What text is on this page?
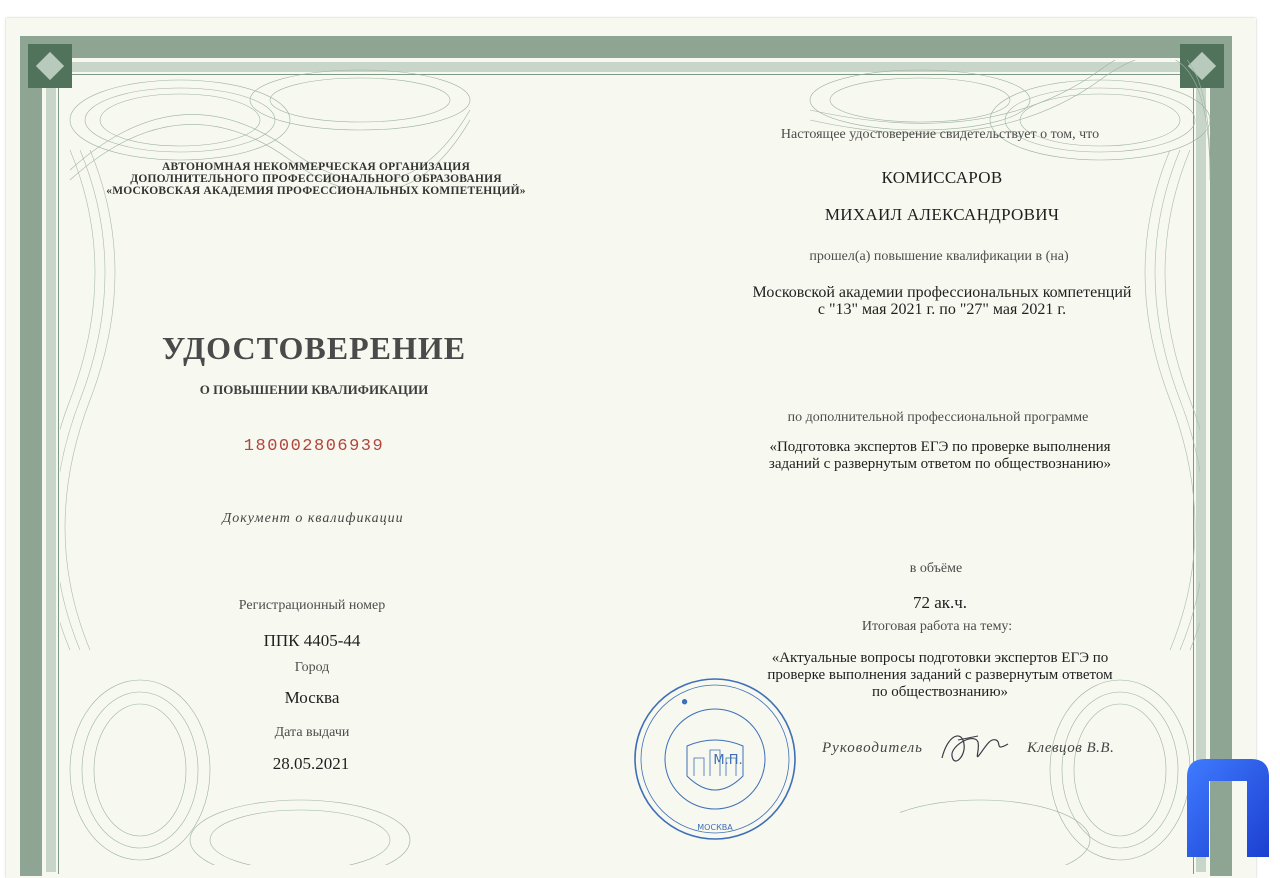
АВТОНОМНАЯ НЕКОММЕРЧЕСКАЯ ОРГАНИЗАЦИЯ
ДОПОЛНИТЕЛЬНОГО ПРОФЕССИОНАЛЬНОГО ОБРАЗОВАНИЯ
«МОСКОВСКАЯ АКАДЕМИЯ ПРОФЕССИОНАЛЬНЫХ КОМПЕТЕНЦИЙ»
УДОСТОВЕРЕНИЕ
О ПОВЫШЕНИИ КВАЛИФИКАЦИИ
180002806939
Документ о квалификации
Регистрационный номер
ППК 4405-44
Город
Москва
Дата выдачи
28.05.2021
Настоящее удостоверение свидетельствует о том, что
КОМИССАРОВ
МИХАИЛ АЛЕКСАНДРОВИЧ
прошел(а) повышение квалификации в (на)
Московской академии профессиональных компетенций
с "13" мая 2021 г. по "27" мая 2021 г.
по дополнительной профессиональной программе
«Подготовка экспертов ЕГЭ по проверке выполнения
заданий с развернутым ответом по обществознанию»
в объёме
72 ак.ч.
Итоговая работа на тему:
«Актуальные вопросы подготовки экспертов ЕГЭ по
проверке выполнения заданий с развернутым ответом
по обществознанию»
Руководитель	Клевцов В.В.
●
М.П.
МОСКВА
